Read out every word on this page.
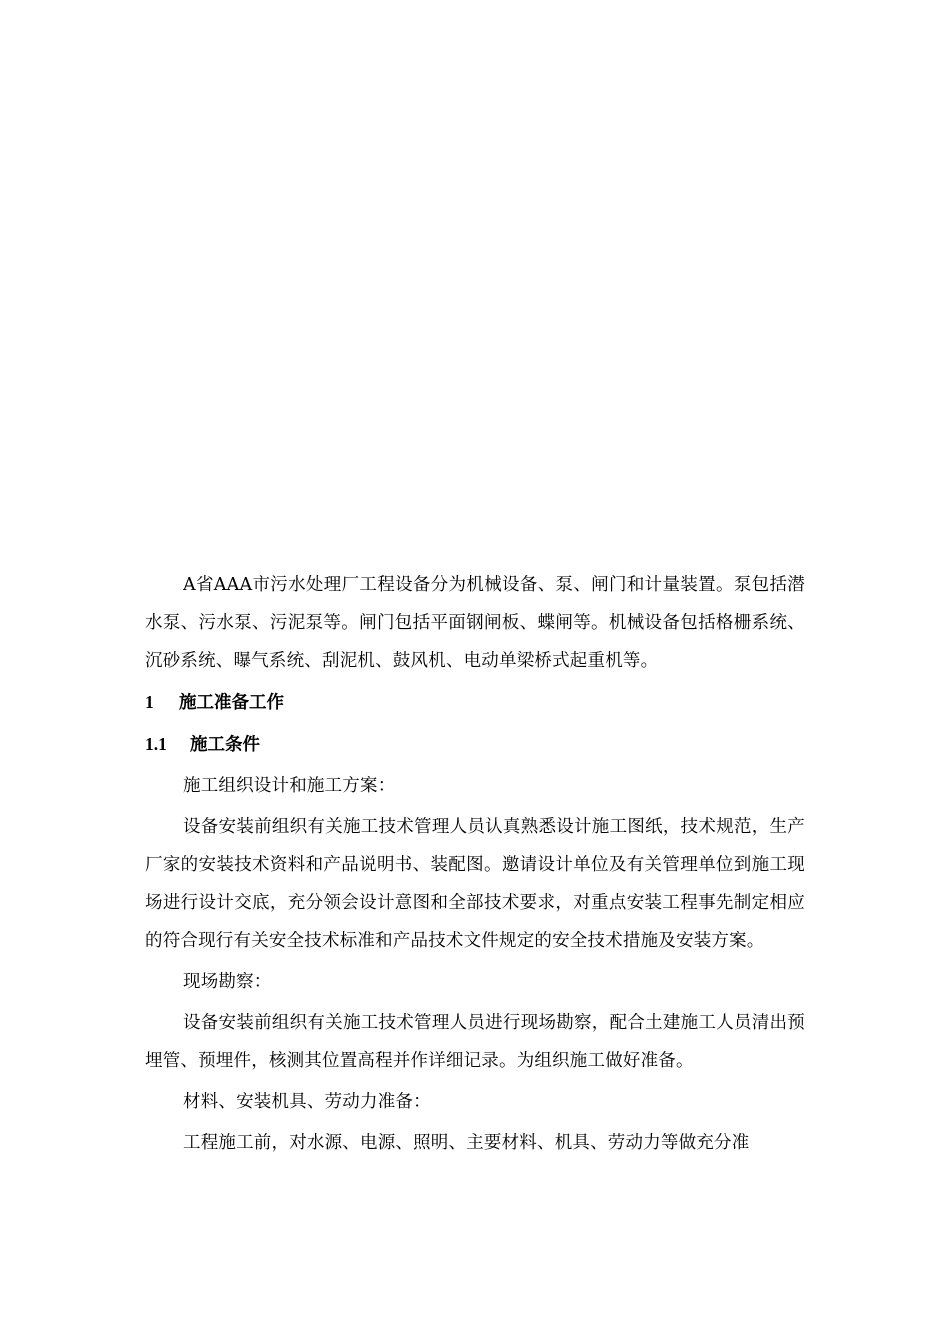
A省AAA市污水处理厂工程设备分为机械设备、泵、闸门和计量装置。泵包括潜水泵、污水泵、污泥泵等。闸门包括平面钢闸板、蝶闸等。机械设备包括格栅系统、沉砂系统、曝气系统、刮泥机、鼓风机、电动单梁桥式起重机等。

1 施工准备工作

1.1 施工条件

施工组织设计和施工方案：

设备安装前组织有关施工技术管理人员认真熟悉设计施工图纸，技术规范，生产厂家的安装技术资料和产品说明书、装配图。邀请设计单位及有关管理单位到施工现场进行设计交底，充分领会设计意图和全部技术要求，对重点安装工程事先制定相应的符合现行有关安全技术标准和产品技术文件规定的安全技术措施及安装方案。

现场勘察：

设备安装前组织有关施工技术管理人员进行现场勘察，配合土建施工人员清出预埋管、预埋件，核测其位置高程并作详细记录。为组织施工做好准备。

材料、安装机具、劳动力准备：

工程施工前，对水源、电源、照明、主要材料、机具、劳动力等做充分准
